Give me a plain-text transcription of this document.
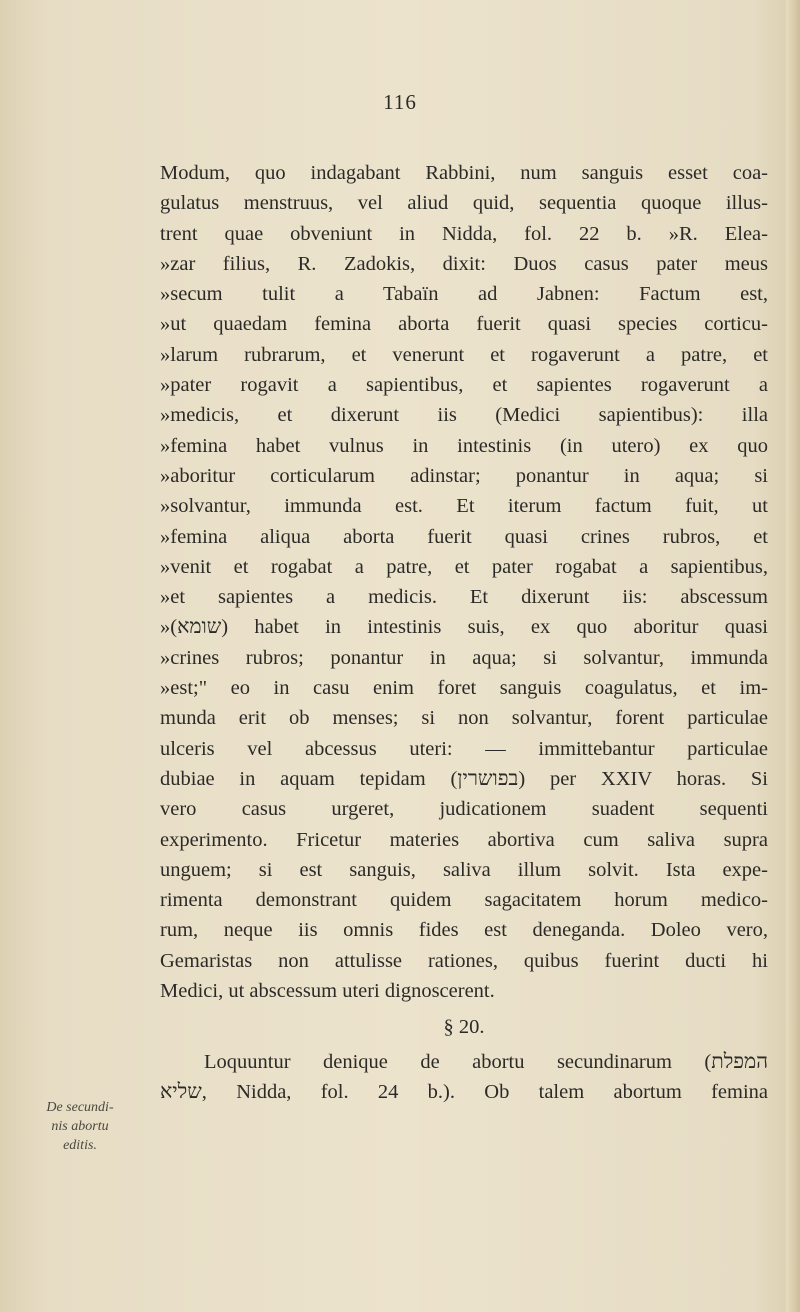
116
Modum, quo indagabant Rabbini, num sanguis esset coa-
gulatus menstruus, vel aliud quid, sequentia quoque illus-
trent quae obveniunt in Nidda, fol. 22 b. »R. Elea-
»zar filius, R. Zadokis, dixit: Duos casus pater meus
»secum tulit a Tabaïn ad Jabnen: Factum est,
»ut quaedam femina aborta fuerit quasi species corticu-
»larum rubrarum, et venerunt et rogaverunt a patre, et
»pater rogavit a sapientibus, et sapientes rogaverunt a
»medicis, et dixerunt iis (Medici sapientibus): illa
»femina habet vulnus in intestinis (in utero) ex quo
»aboritur corticularum adinstar; ponantur in aqua; si
»solvantur, immunda est. Et iterum factum fuit, ut
»femina aliqua aborta fuerit quasi crines rubros, et
»venit et rogabat a patre, et pater rogabat a sapientibus,
»et sapientes a medicis. Et dixerunt iis: abscessum
»(שומא) habet in intestinis suis, ex quo aboritur quasi
»crines rubros; ponantur in aqua; si solvantur, immunda
»est;" eo in casu enim foret sanguis coagulatus, et im-
munda erit ob menses; si non solvantur, forent particulae
ulceris vel abcessus uteri: — immittebantur particulae
dubiae in aquam tepidam (בפושרין) per XXIV horas. Si
vero casus urgeret, judicationem suadent sequenti
experimento. Fricetur materies abortiva cum saliva supra
unguem; si est sanguis, saliva illum solvit. Ista expe-
rimenta demonstrant quidem sagacitatem horum medico-
rum, neque iis omnis fides est deneganda. Doleo vero,
Gemaristas non attulisse rationes, quibus fuerint ducti hi
Medici, ut abscessum uteri dignoscerent.
§ 20.
Loquuntur denique de abortu secundinarum (המפלת
שליא, Nidda, fol. 24 b.). Ob talem abortum femina
De secundi-
nis abortu
editis.
